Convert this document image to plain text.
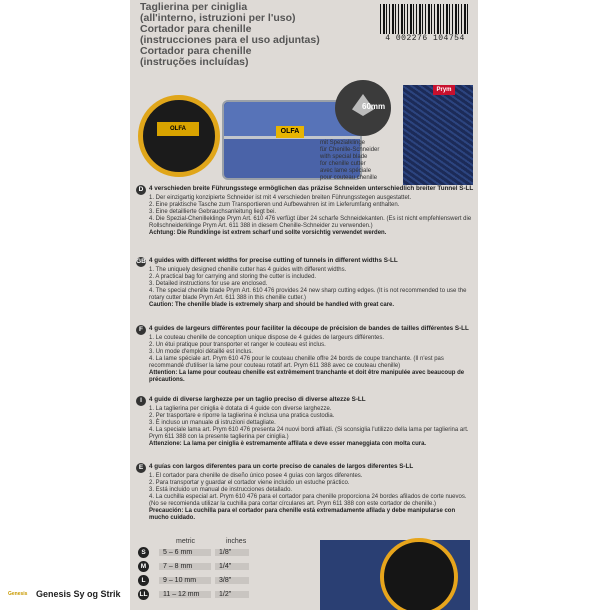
Taglierina per ciniglia
(all'interno, istruzioni per l'uso)
Cortador para chenille
(instrucciones para el uso adjuntas)
Cortador para chenille
(instruções incluídas)
4 002276 104754
OLFA	OLFA
60mm
mit Spezialklinge
für Chenille-Schneider
with special blade
for chenille cutter
avec lame spéciale
pour couteau chenille
Prym
D 4 verschieden breite Führungsstege ermöglichen das präzise Schneiden unterschiedlich breiter Tunnel S-LL
1. Der einzigartig konzipierte Schneider ist mit 4 verschieden breiten Führungsstegen ausgestattet.
2. Eine praktische Tasche zum Transportieren und Aufbewahren ist im Lieferumfang enthalten.
3. Eine detaillierte Gebrauchsanleitung liegt bei.
4. Die Spezial-Chenilleklinge Prym Art. 610 476 verfügt über 24 scharfe Schneidekanten. (Es ist nicht empfehlenswert die Rollschneiderklinge Prym Art. 611 388 in diesem Chenille-Schneider zu verwenden.)
Achtung: Die Rundklinge ist extrem scharf und sollte vorsichtig verwendet werden.
GB 4 guides with different widths for precise cutting of tunnels in different widths S-LL
1. The uniquely designed chenille cutter has 4 guides with different widths.
2. A practical bag for carrying and storing the cutter is included.
3. Detailed instructions for use are enclosed.
4. The special chenille blade Prym Art. 610 476 provides 24 new sharp cutting edges. (It is not recommended to use the rotary cutter blade Prym Art. 611 388 in this chenille cutter.)
Caution: The chenille blade is extremely sharp and should be handled with great care.
F 4 guides de largeurs différentes pour faciliter la découpe de précision de bandes de tailles différentes S-LL
1. Le couteau chenille de conception unique dispose de 4 guides de largeurs différentes.
2. Un étui pratique pour transporter et ranger le couteau est inclus.
3. Un mode d'emploi détaillé est inclus.
4. La lame spéciale art. Prym 610 476 pour le couteau chenille offre 24 bords de coupe tranchante. (Il n'est pas recommandé d'utiliser la lame pour couteau rotatif art. Prym 611 388 avec ce couteau chenille)
Attention: La lame pour couteau chenille est extrêmement tranchante et doit être manipulée avec beaucoup de précautions.
I	4 guide di diverse larghezze per un taglio preciso di diverse altezze S-LL
1. La taglierina per ciniglia è dotata di 4 guide con diverse larghezze.
2. Per trasportare e riporre la taglierina è inclusa una pratica custodia.
3. È incluso un manuale di istruzioni dettagliate.
4. La speciale lama art. Prym 610 476 presenta 24 nuovi bordi affilati. (Si sconsiglia l'utilizzo della lama per taglierina art. Prym 611 388 con la presente taglierina per ciniglia.)
Attenzione: La lama per ciniglia è estremamente affilata e deve esser maneggiata con molta cura.
E 4 guías con largos diferentes para un corte preciso de canales de largos diferentes S-LL
1. El cortador para chenille de diseño único posee 4 guías con largos diferentes.
2. Para transportar y guardar el cortador viene incluido un estuche práctico.
3. Está incluido un manual de instrucciones detallado.
4. La cuchilla especial art. Prym 610 476 para el cortador para chenille proporciona 24 bordes afilados de corte nuevos. (No se recomienda utilizar la cuchilla para cortar círculares art. Prym 611 388 con este cortador de chenille.)
Precaución: La cuchilla para el cortador para chenille está extremadamente afilada y debe manipularse con mucho cuidado.
metric	inches
S	5 – 6 mm	1/8"
M	7 – 8 mm	1/4"
L	9 – 10 mm	3/8"
LL	11 – 12 mm	1/2"
Genesis Genesis Sy og Strik
